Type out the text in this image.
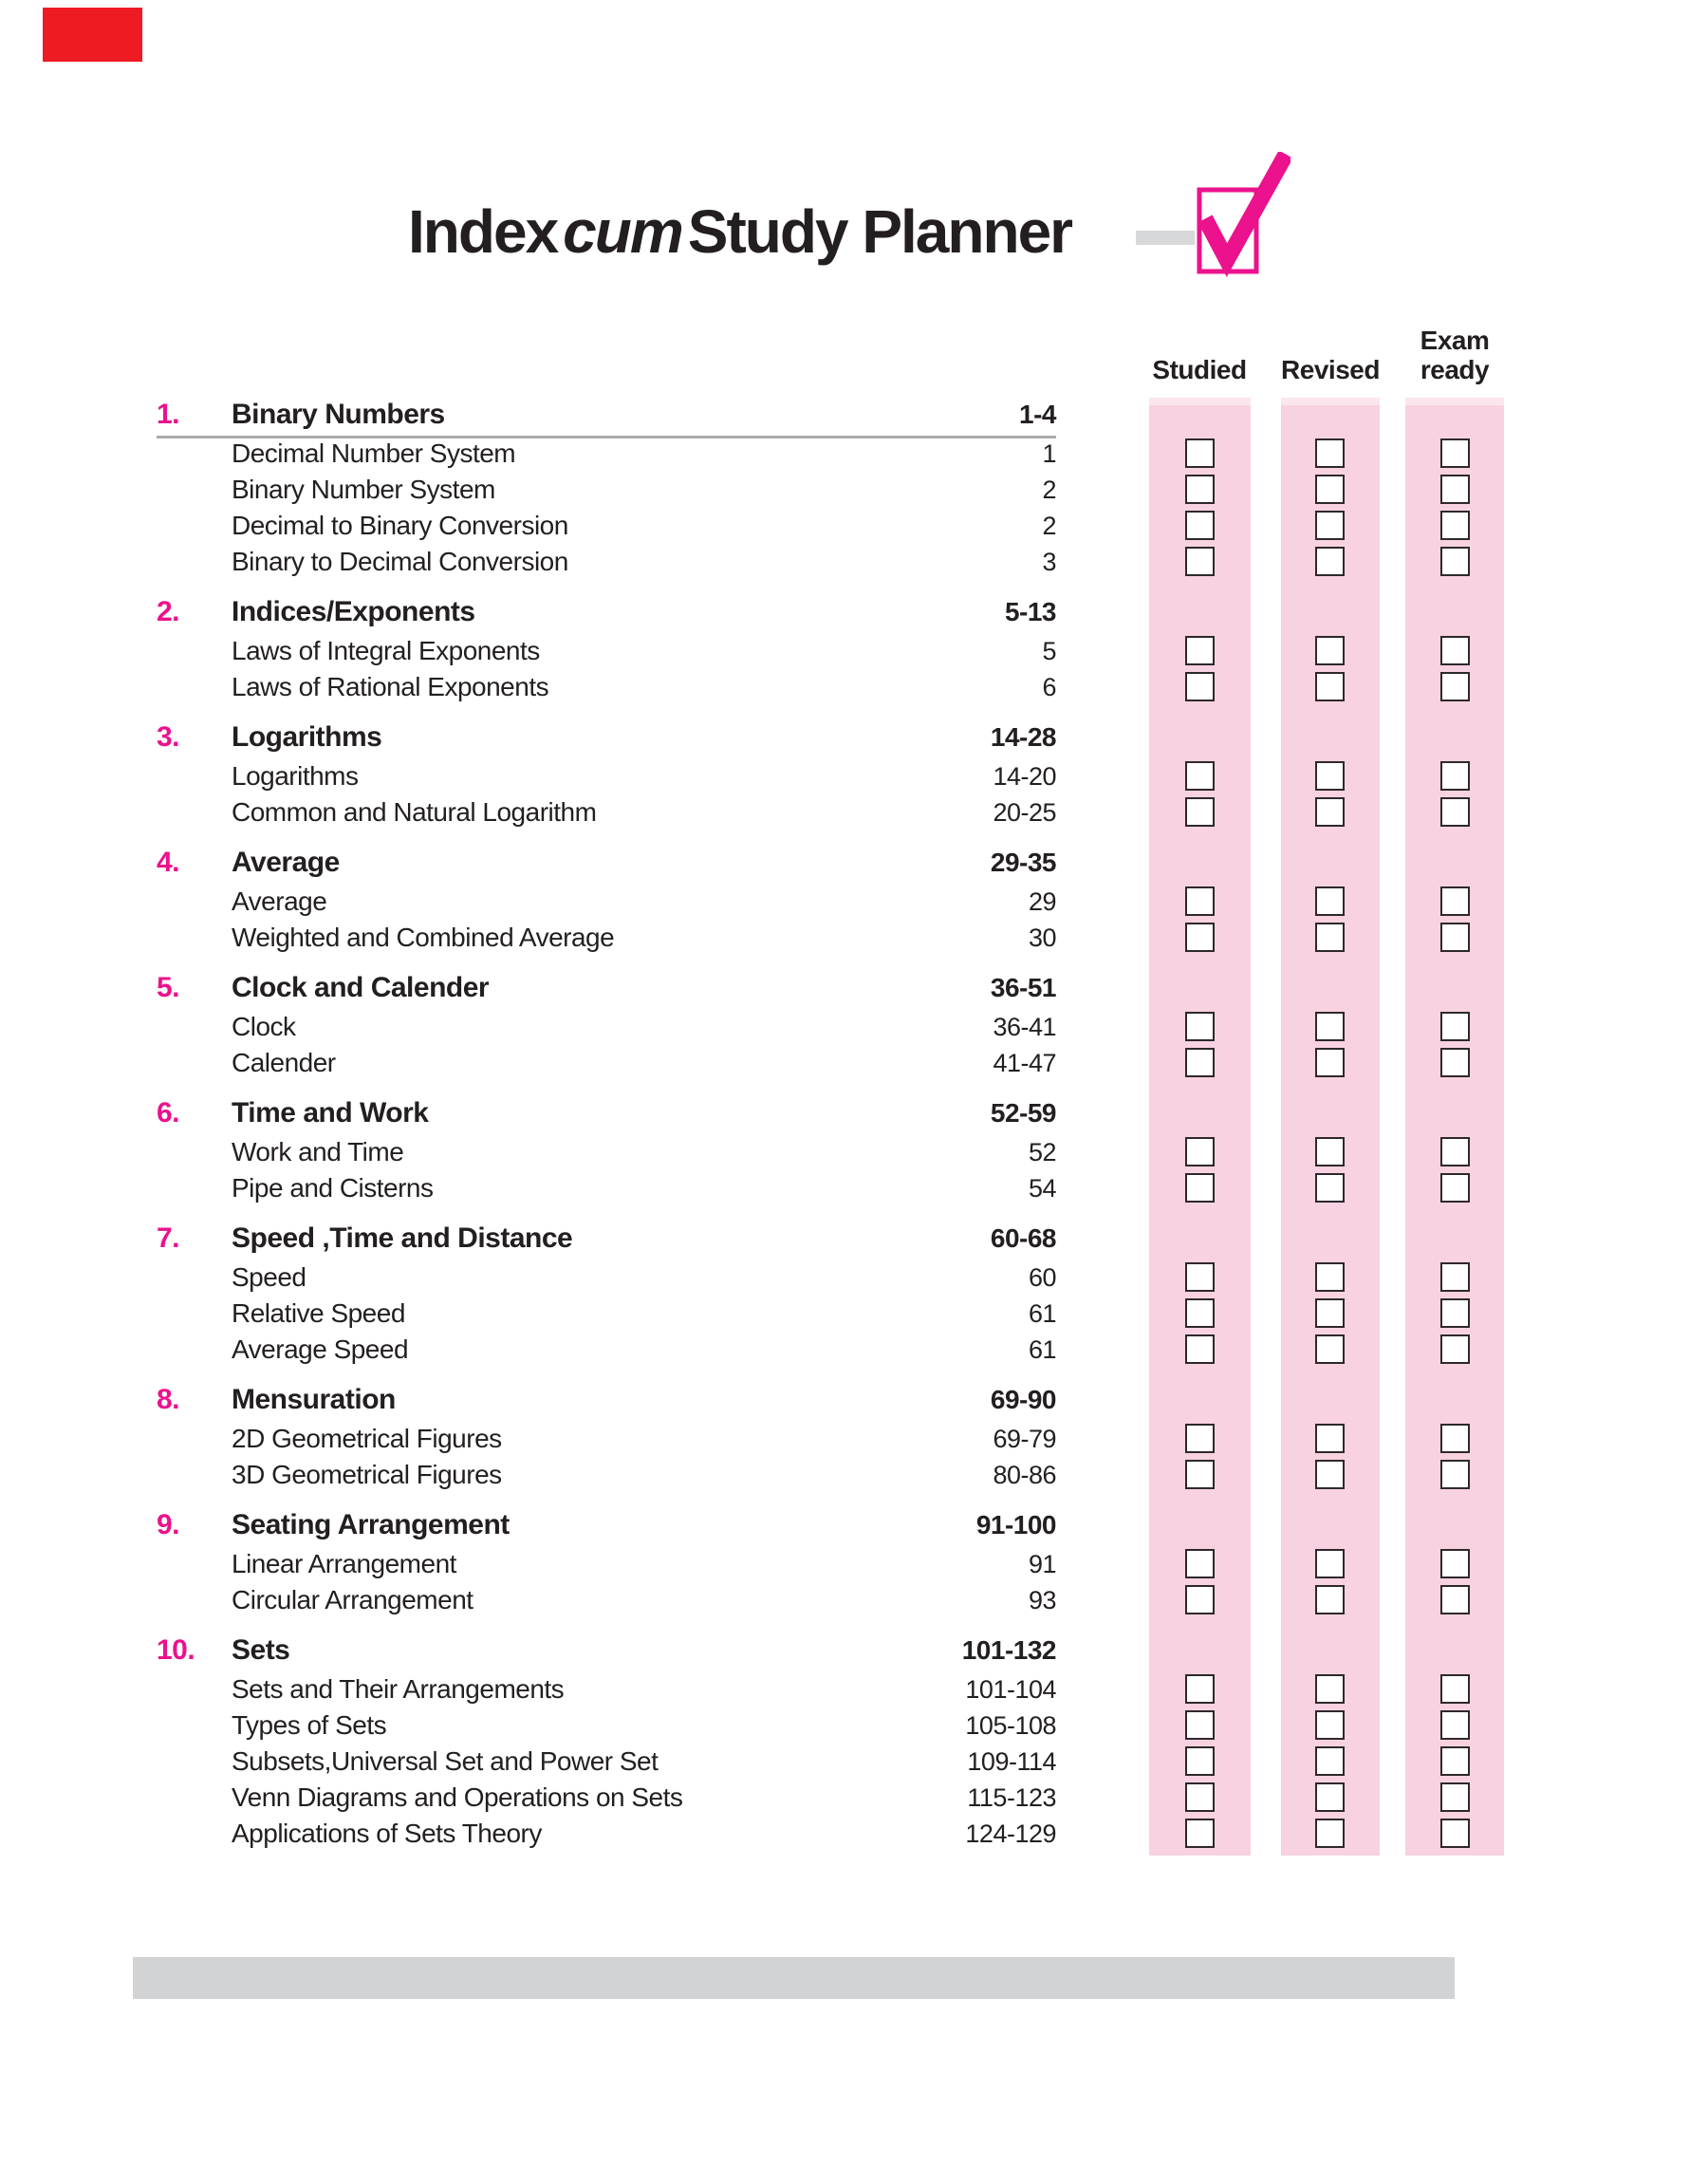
IndexcumStudy Planner
Studied Revised
Exam ready
1.	Binary Numbers	1-4
Decimal Number System	1
Binary Number System	2
Decimal to Binary Conversion	2
Binary to Decimal Conversion	3
2.	Indices/Exponents	5-13
Laws of Integral Exponents	5
Laws of Rational Exponents	6
3.	Logarithms	14-28
Logarithms	14-20
Common and Natural Logarithm	20-25
4.	Average	29-35
Average	29
Weighted and Combined Average	30
5.	Clock and Calender	36-51
Clock	36-41
Calender	41-47
6.	Time and Work	52-59
Work and Time	52
Pipe and Cisterns	54
7.	Speed ,Time and Distance	60-68
Speed	60
Relative Speed	61
Average Speed	61
8.	Mensuration	69-90
2D Geometrical Figures	69-79
3D Geometrical Figures	80-86
9.	Seating Arrangement	91-100
Linear Arrangement	91
Circular Arrangement	93
10.	Sets	101-132
Sets and Their Arrangements	101-104
Types of Sets	105-108
Subsets,Universal Set and Power Set	109-114
Venn Diagrams and Operations on Sets	115-123
Applications of Sets Theory	124-129
